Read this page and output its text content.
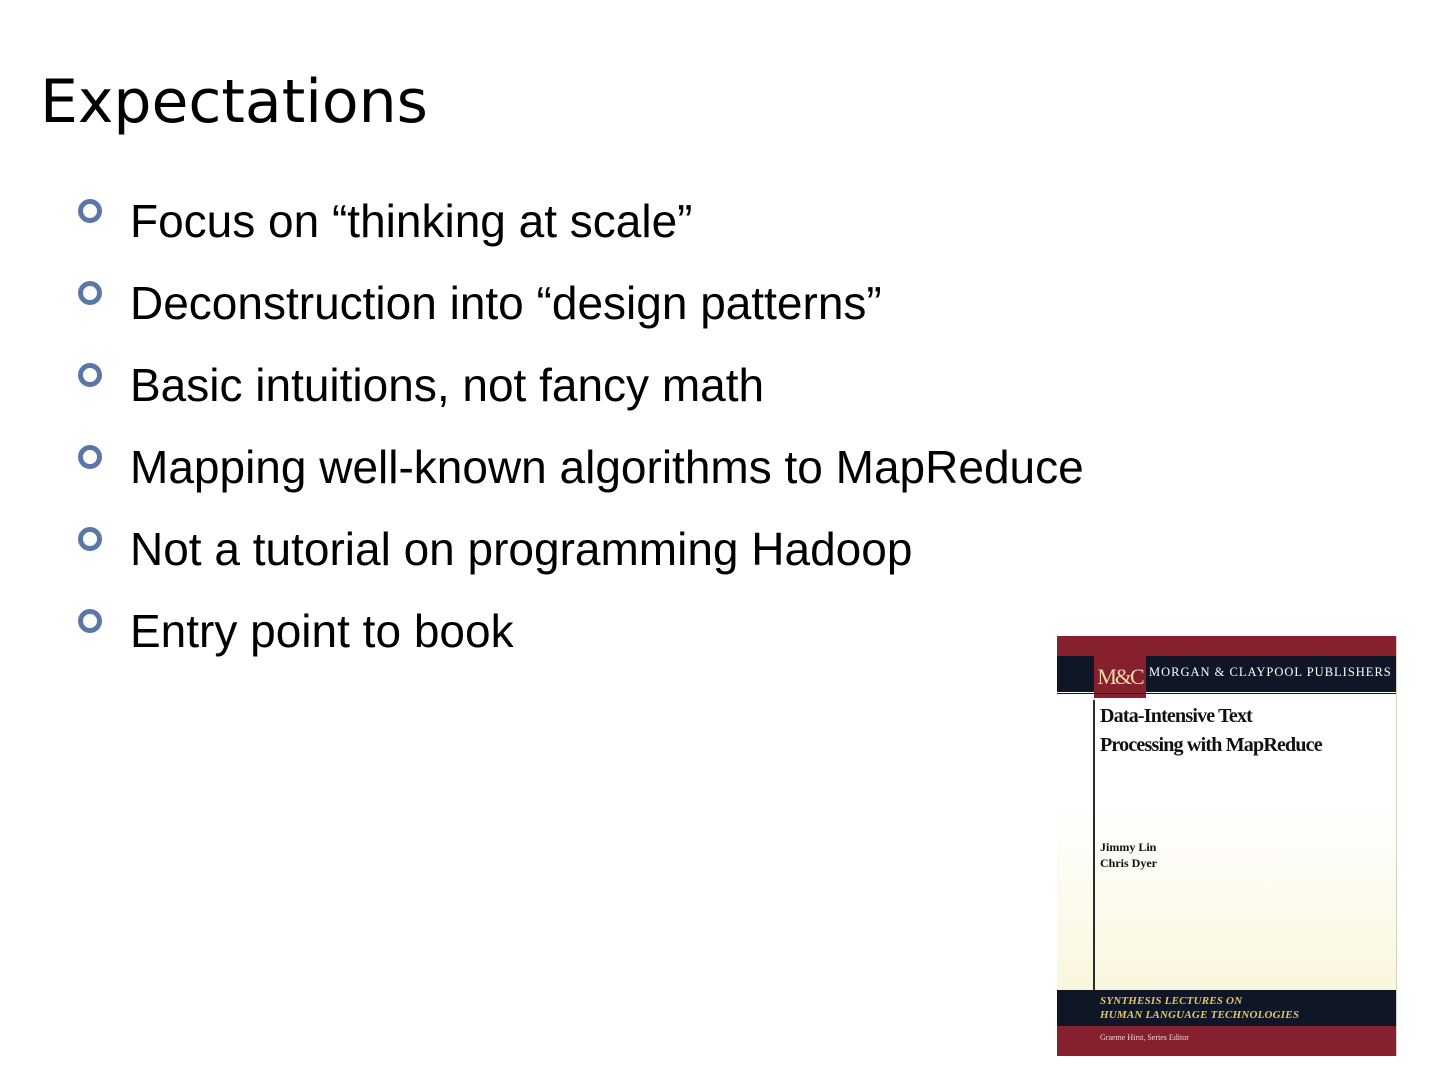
Expectations
Focus on “thinking at scale”
Deconstruction into “design patterns”
Basic intuitions, not fancy math
Mapping well-known algorithms to MapReduce
Not a tutorial on programming Hadoop
Entry point to book
M&C MORGAN & CLAYPOOL PUBLISHERS
Data-Intensive Text
Processing with MapReduce
Jimmy Lin
Chris Dyer
SYNTHESIS LECTURES ON
HUMAN LANGUAGE TECHNOLOGIES
Graeme Hirst, Series Editor
